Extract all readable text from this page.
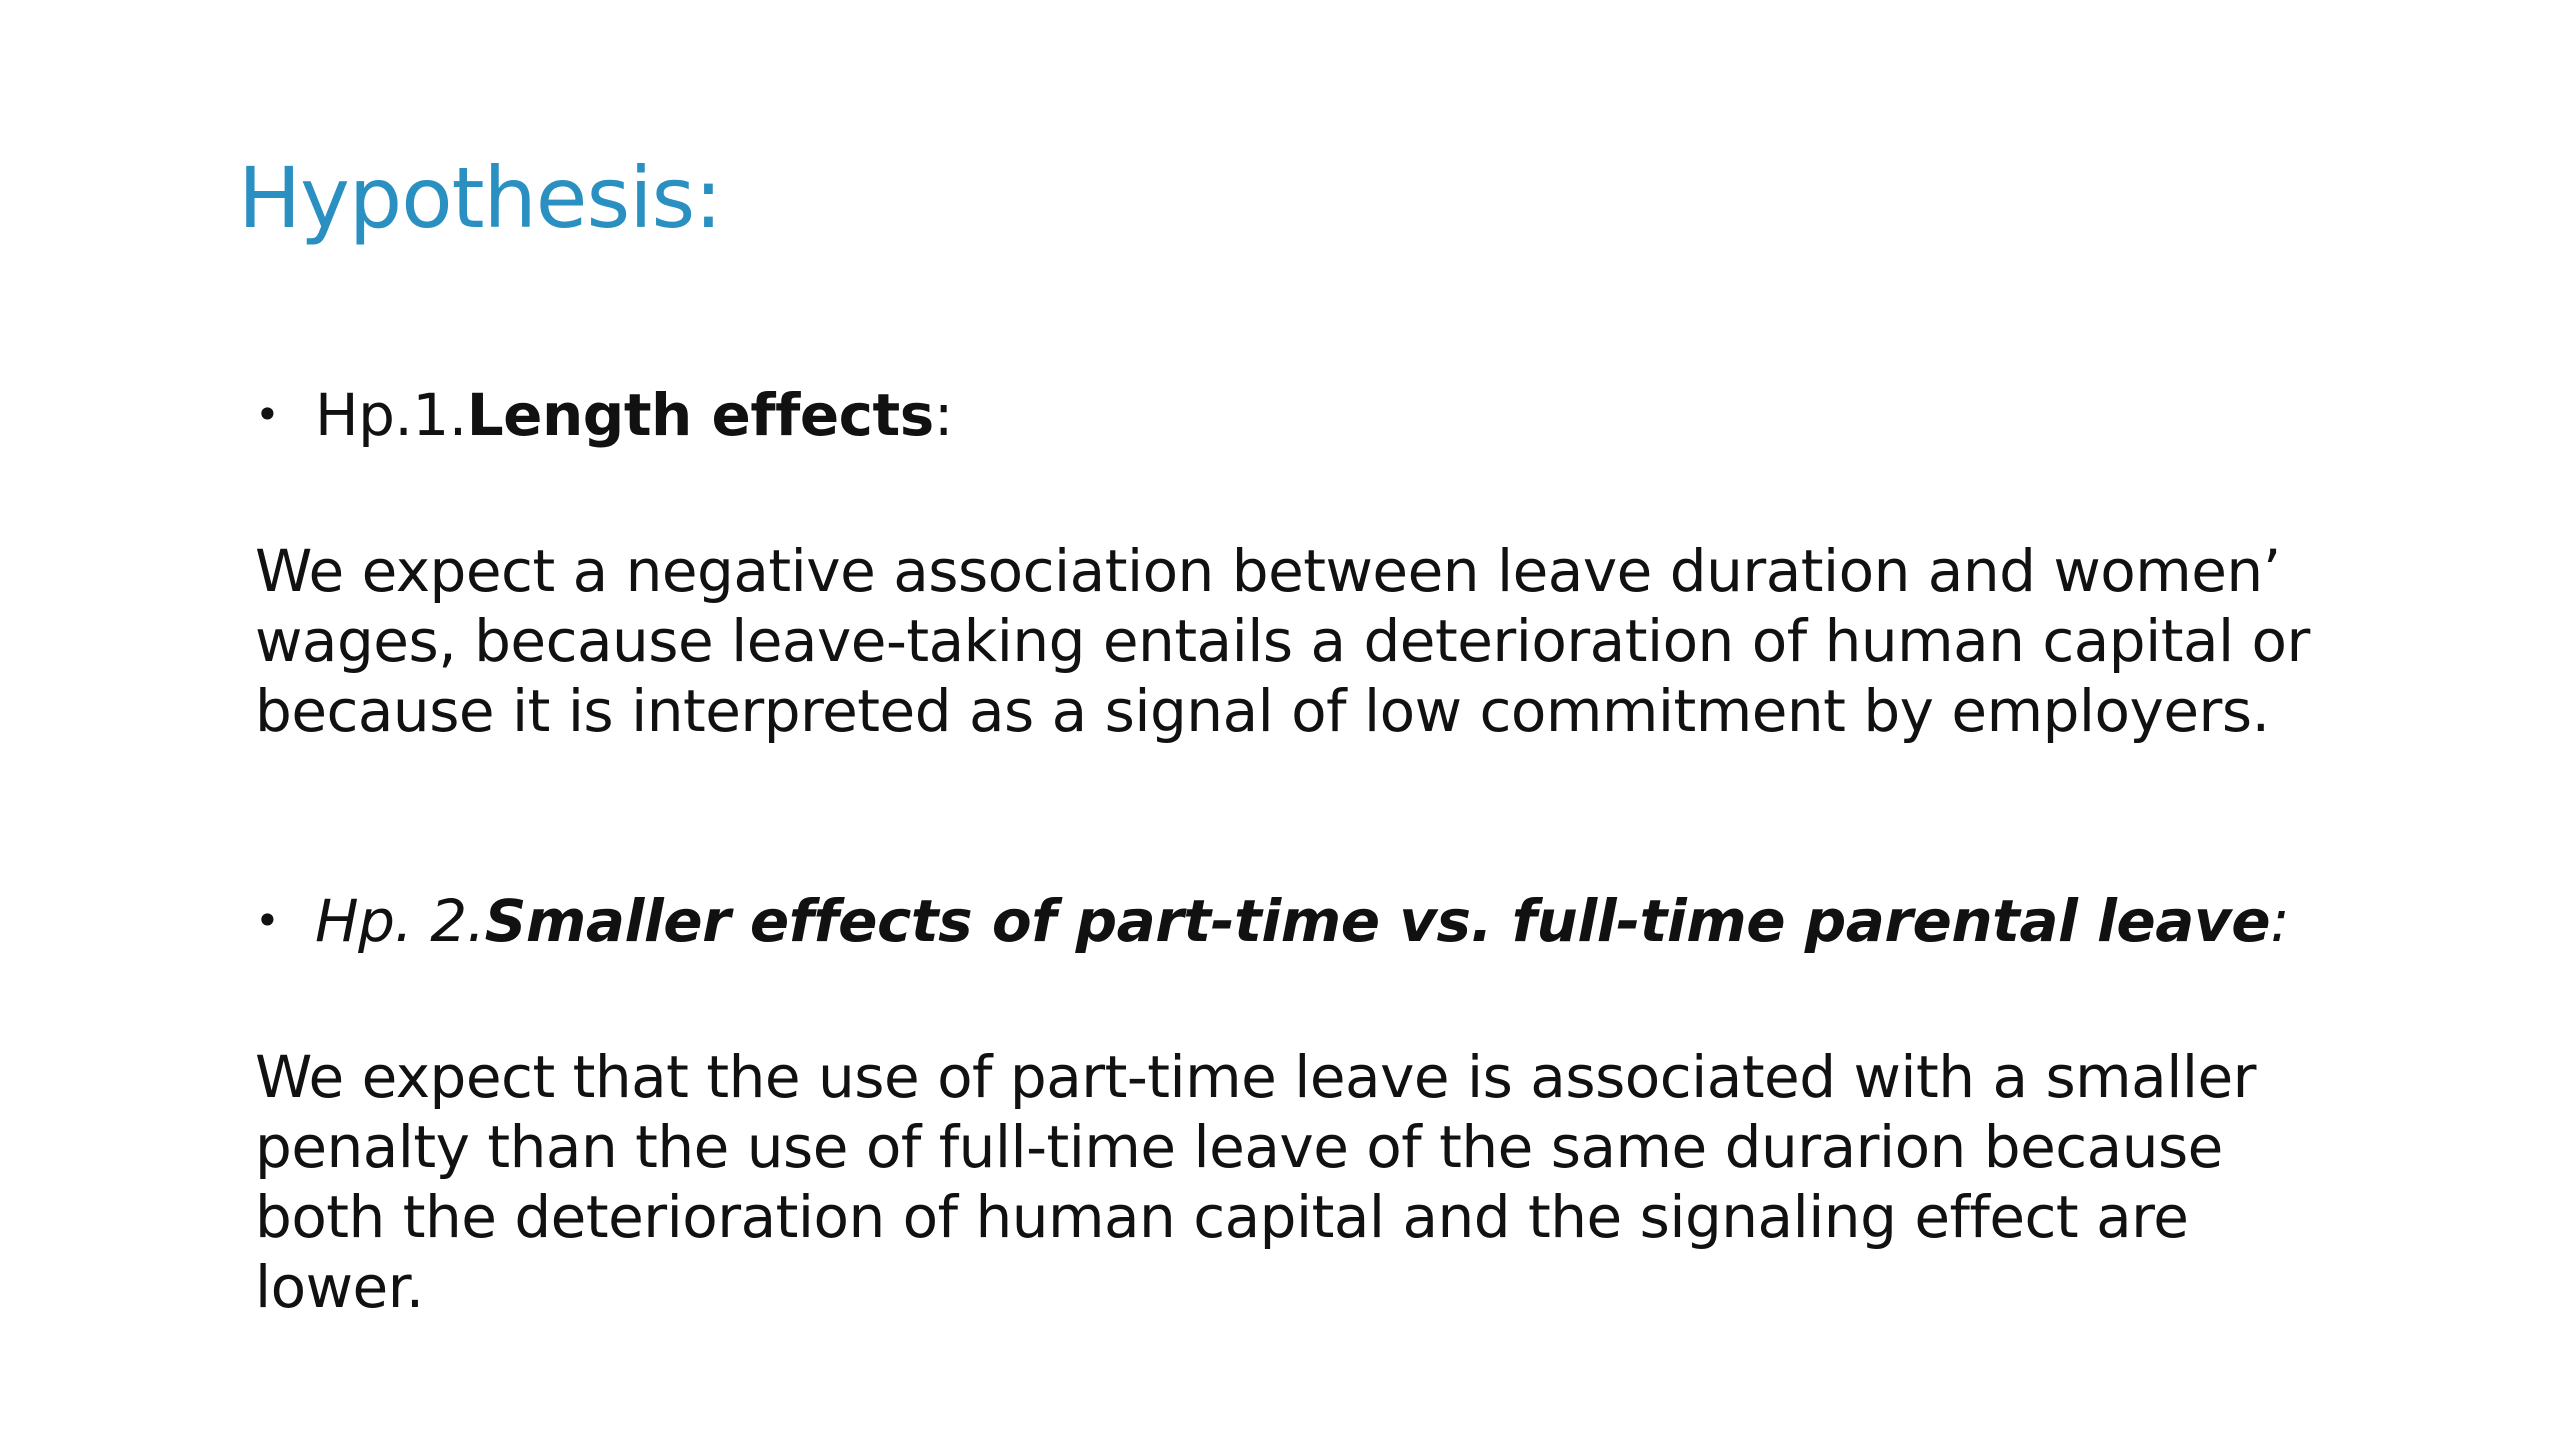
Hypothesis:
• Hp.1. Length effects :

We expect a negative association between leave duration and women’
wages, because leave-taking entails a deterioration of human capital or
because it is interpreted as a signal of low commitment by employers.

• Hp. 2. Smaller effects of part-time vs. full-time parental leave :

We expect that the use of part-time leave is associated with a smaller
penalty than the use of full-time leave of the same durarion because
both the deterioration of human capital and the signaling effect are
lower.
